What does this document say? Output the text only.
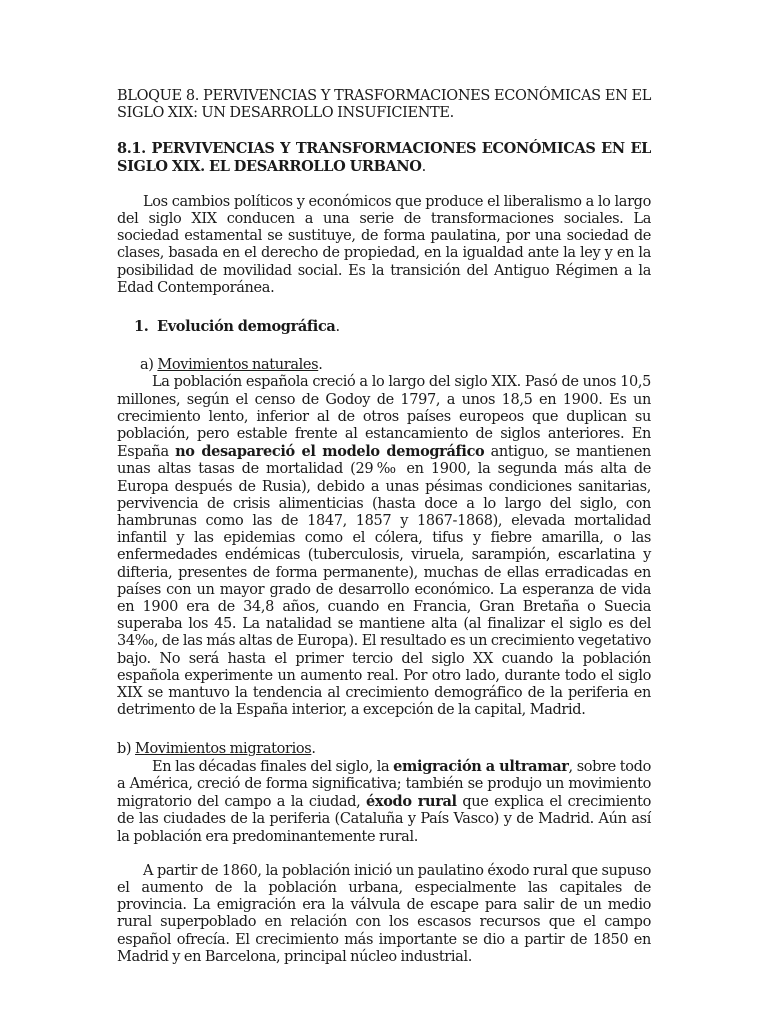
BLOQUE 8. PERVIVENCIAS Y TRASFORMACIONES ECONÓMICAS EN EL SIGLO XIX: UN DESARROLLO INSUFICIENTE.

8.1. PERVIVENCIAS Y TRANSFORMACIONES ECONÓMICAS EN EL SIGLO XIX. EL DESARROLLO URBANO.

Los cambios políticos y económicos que produce el liberalismo a lo largo del siglo XIX conducen a una serie de transformaciones sociales. La sociedad estamental se sustituye, de forma paulatina, por una sociedad de clases, basada en el derecho de propiedad, en la igualdad ante la ley y en la posibilidad de movilidad social. Es la transición del Antiguo Régimen a la Edad Contemporánea.

1. Evolución demográfica.

a) Movimientos naturales.

La población española creció a lo largo del siglo XIX. Pasó de unos 10,5 millones, según el censo de Godoy de 1797, a unos 18,5 en 1900. Es un crecimiento lento, inferior al de otros países europeos que duplican su población, pero estable frente al estancamiento de siglos anteriores. En España no desapareció el modelo demográfico antiguo, se mantienen unas altas tasas de mortalidad (29‰ en 1900, la segunda más alta de Europa después de Rusia), debido a unas pésimas condiciones sanitarias, pervivencia de crisis alimenticias (hasta doce a lo largo del siglo, con hambrunas como las de 1847, 1857 y 1867-1868), elevada mortalidad infantil y las epidemias como el cólera, tifus y fiebre amarilla, o las enfermedades endémicas (tuberculosis, viruela, sarampión, escarlatina y difteria, presentes de forma permanente), muchas de ellas erradicadas en países con un mayor grado de desarrollo económico. La esperanza de vida en 1900 era de 34,8 años, cuando en Francia, Gran Bretaña o Suecia superaba los 45. La natalidad se mantiene alta (al finalizar el siglo es del 34‰, de las más altas de Europa). El resultado es un crecimiento vegetativo bajo. No será hasta el primer tercio del siglo XX cuando la población española experimente un aumento real. Por otro lado, durante todo el siglo XIX se mantuvo la tendencia al crecimiento demográfico de la periferia en detrimento de la España interior, a excepción de la capital, Madrid.

b) Movimientos migratorios.

En las décadas finales del siglo, la emigración a ultramar, sobre todo a América, creció de forma significativa; también se produjo un movimiento migratorio del campo a la ciudad, éxodo rural que explica el crecimiento de las ciudades de la periferia (Cataluña y País Vasco) y de Madrid. Aún así la población era predominantemente rural.

A partir de 1860, la población inició un paulatino éxodo rural que supuso el aumento de la población urbana, especialmente las capitales de provincia. La emigración era la válvula de escape para salir de un medio rural superpoblado en relación con los escasos recursos que el campo español ofrecía. El crecimiento más importante se dio a partir de 1850 en Madrid y en Barcelona, principal núcleo industrial.
